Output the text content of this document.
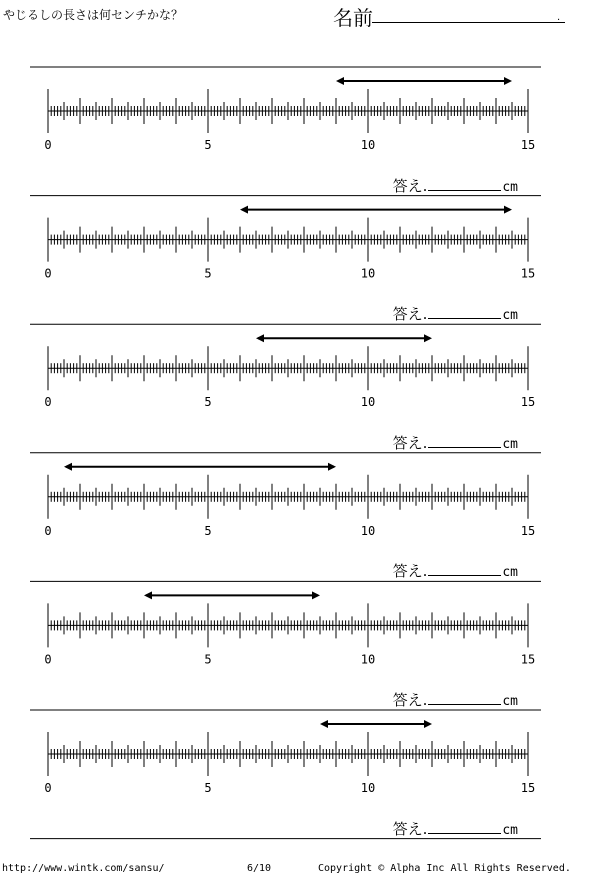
やじるしの長さは何センチかな？	名前	.
0	5	10	15
0	5	10	15
0	5	10	15
0	5	10	15
0	5	10	15
0	5	10	15
答え.	cm
答え.	cm
答え.	cm
答え.	cm
答え.	cm
答え.	cm
http://www.wintk.com/sansu/	6/10	Copyright © Alpha Inc All Rights Reserved.
